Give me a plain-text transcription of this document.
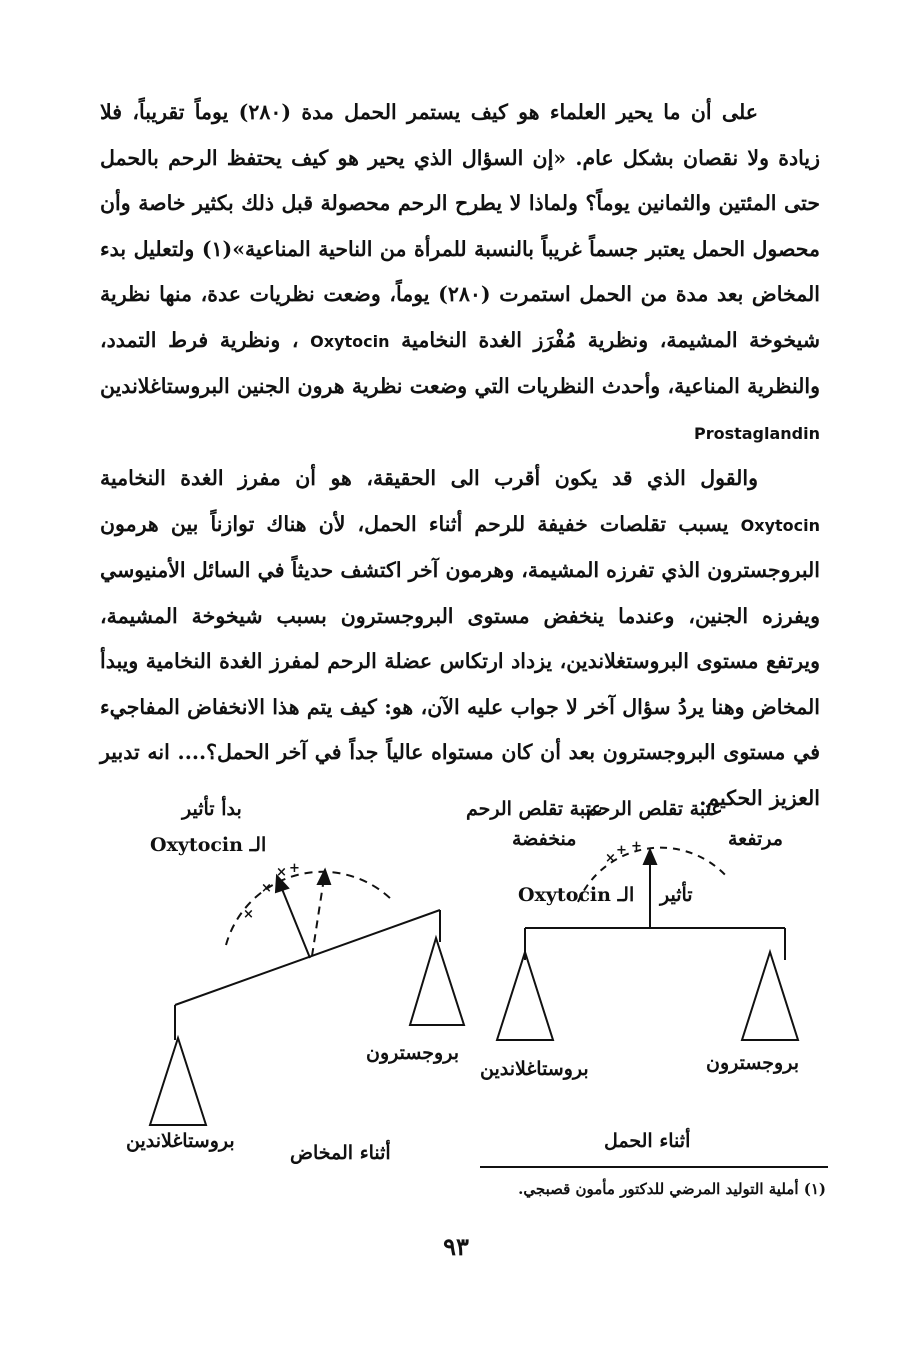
على أن ما يحير العلماء هو كيف يستمر الحمل مدة (٢٨٠) يوماً تقريباً، فلا زيادة ولا نقصان بشكل عام. «إن السؤال الذي يحير هو كيف يحتفظ الرحم بالحمل حتى المئتين والثمانين يوماً؟ ولماذا لا يطرح الرحم محصولة قبل ذلك بكثير خاصة وأن محصول الحمل يعتبر جسماً غريباً بالنسبة للمرأة من الناحية المناعية»(١) ولتعليل بدء المخاض بعد مدة من الحمل استمرت (٢٨٠) يوماً، وضعت نظريات عدة، منها نظرية شيخوخة المشيمة، ونظرية مُفْرَز الغدة النخامية Oxytocin ، ونظرية فرط التمدد، والنظرية المناعية، وأحدث النظريات التي وضعت نظرية هرون الجنين البروستاغلاندين Prostaglandin

والقول الذي قد يكون أقرب الى الحقيقة، هو أن مفرز الغدة النخامية Oxytocin يسبب تقلصات خفيفة للرحم أثناء الحمل، لأن هناك توازناً بين هرمون البروجسترون الذي تفرزه المشيمة، وهرمون آخر اكتشف حديثاً في السائل الأمنيوسي ويفرزه الجنين، وعندما ينخفض مستوى البروجسترون بسبب شيخوخة المشيمة، ويرتفع مستوى البروستغلاندين، يزداد ارتكاس عضلة الرحم لمفرز الغدة النخامية ويبدأ المخاض وهنا يردُ سؤال آخر لا جواب عليه الآن، هو: كيف يتم هذا الانخفاض المفاجيء في مستوى البروجسترون بعد أن كان مستواه عالياً جداً في آخر الحمل؟.... انه تدبير العزيز الحكيم.

×
+ +
×
×
× +
عتبة تقلص الرحم
عتبة تقلص الرحم
مرتفعة
منخفضة
تأثير
الـ Oxytocin
بروستاغلاندين	بروجسترون
أثناء الحمل
بدأ تأثير
الـ Oxytocin
بروجسترون
بروستاغلاندين
أثناء المخاض
(١) أملية التوليد المرضي للدكتور مأمون قصبجي.
٩٣
